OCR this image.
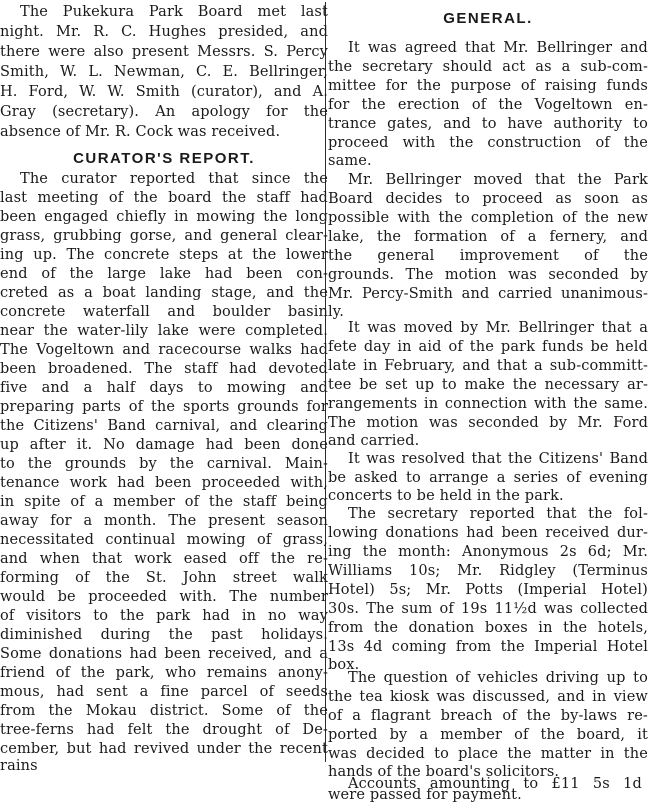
The Pukekura Park Board met last
night. Mr. R. C. Hughes presided, and
there were also present Messrs. S. Percy
Smith, W. L. Newman, C. E. Bellringer,
H. Ford, W. W. Smith (curator), and A.
Gray (secretary). An apology for the
absence of Mr. R. Cock was received.
CURATOR'S REPORT.
The curator reported that since the
last meeting of the board the staff had
been engaged chiefly in mowing the long
grass, grubbing gorse, and general clear-
ing up. The concrete steps at the lower
end of the large lake had been con-
creted as a boat landing stage, and the
concrete waterfall and boulder basin
near the water-lily lake were completed.
The Vogeltown and racecourse walks had
been broadened. The staff had devoted
five and a half days to mowing and
preparing parts of the sports grounds for
the Citizens' Band carnival, and clearing
up after it. No damage had been done
to the grounds by the carnival. Main-
tenance work had been proceeded with,
in spite of a member of the staff being
away for a month. The present season
necessitated continual mowing of grass,
and when that work eased off the re-
forming of the St. John street walk
would be proceeded with. The number
of visitors to the park had in no way
diminished during the past holidays.
Some donations had been received, and a
friend of the park, who remains anony-
mous, had sent a fine parcel of seeds
from the Mokau district. Some of the
tree-ferns had felt the drought of De-
cember, but had revived under the recent
rains
GENERAL.
It was agreed that Mr. Bellringer and
the secretary should act as a sub-com-
mittee for the purpose of raising funds
for the erection of the Vogeltown en-
trance gates, and to have authority to
proceed with the construction of the
same.
Mr. Bellringer moved that the Park
Board decides to proceed as soon as
possible with the completion of the new
lake, the formation of a fernery, and
the general improvement of the
grounds. The motion was seconded by
Mr. Percy-Smith and carried unanimous-
ly.
It was moved by Mr. Bellringer that a
fete day in aid of the park funds be held
late in February, and that a sub-committ-
tee be set up to make the necessary ar-
rangements in connection with the same.
The motion was seconded by Mr. Ford
and carried.
It was resolved that the Citizens' Band
be asked to arrange a series of evening
concerts to be held in the park.
The secretary reported that the fol-
lowing donations had been received dur-
ing the month: Anonymous 2s 6d; Mr.
Williams 10s; Mr. Ridgley (Terminus
Hotel) 5s; Mr. Potts (Imperial Hotel)
30s. The sum of 19s 11½d was collected
from the donation boxes in the hotels,
13s 4d coming from the Imperial Hotel
box.
The question of vehicles driving up to
the tea kiosk was discussed, and in view
of a flagrant breach of the by-laws re-
ported by a member of the board, it
was decided to place the matter in the
hands of the board's solicitors.
Accounts amounting to £11 5s 1d
were passed for payment.
